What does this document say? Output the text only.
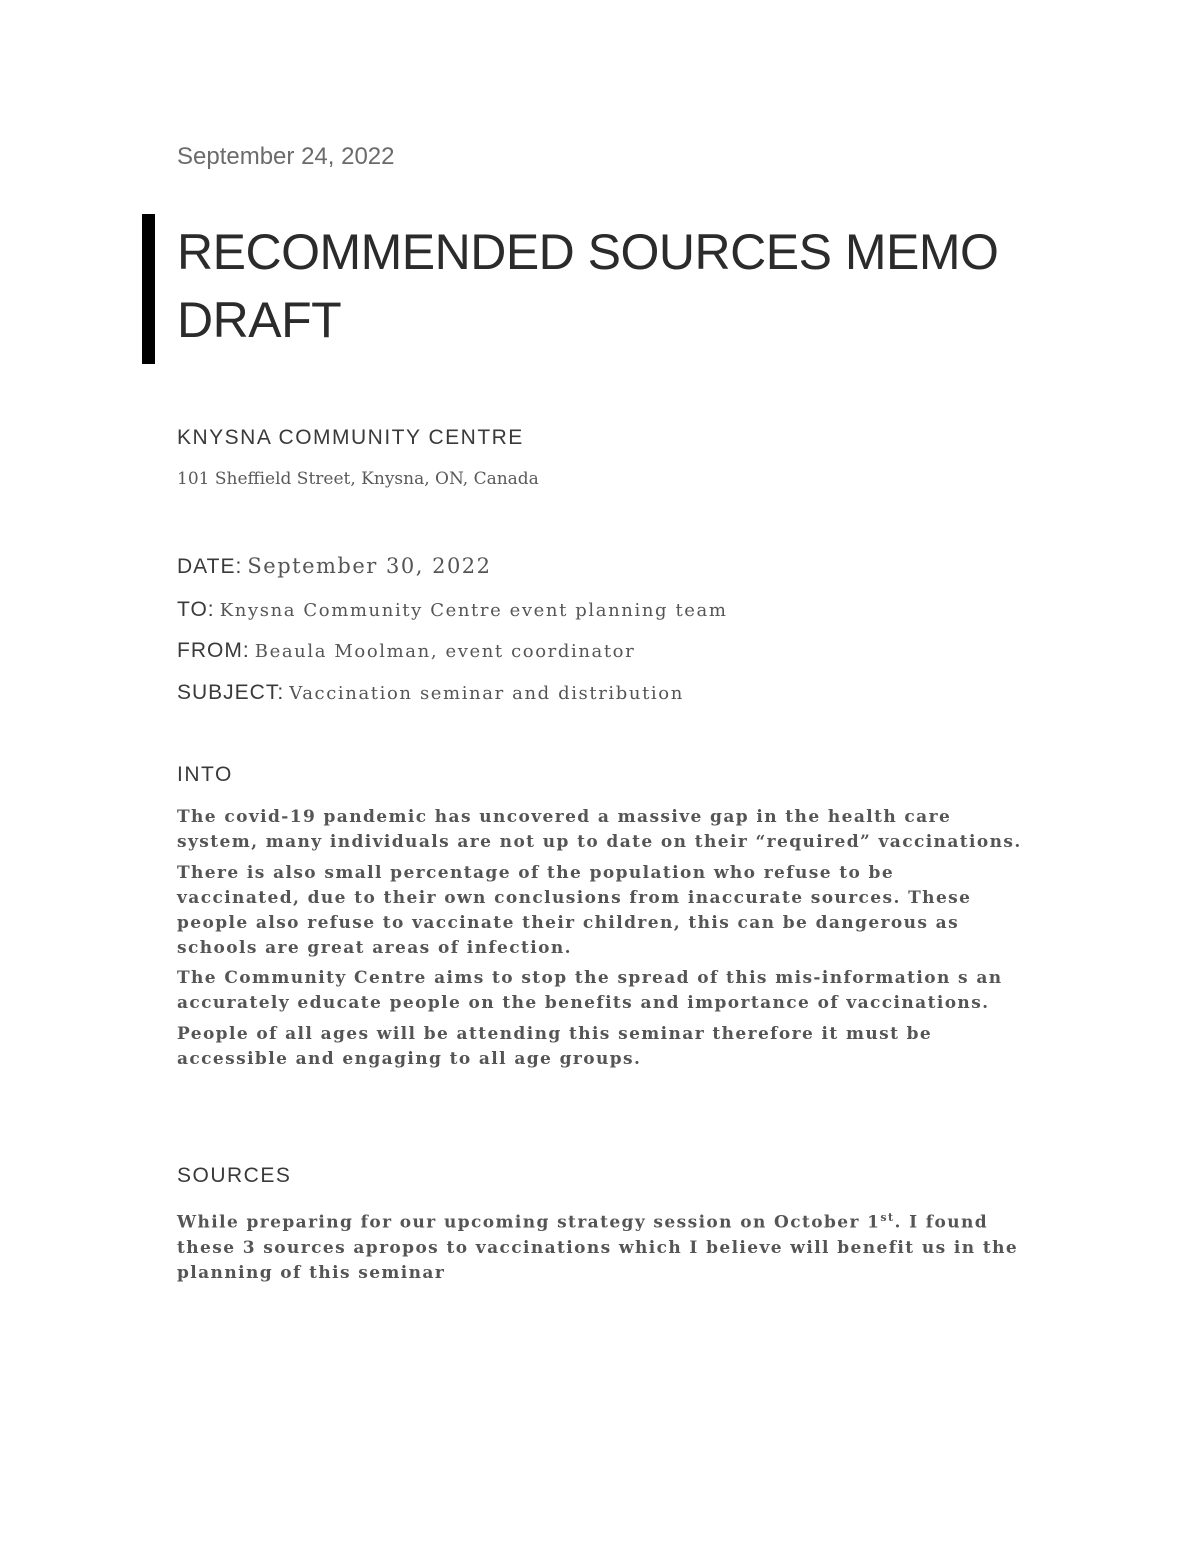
September 24, 2022
RECOMMENDED SOURCES MEMO
DRAFT
KNYSNA COMMUNITY CENTRE
101 Sheffield Street, Knysna, ON, Canada
DATE: September 30, 2022
TO: Knysna Community Centre event planning team
FROM: Beaula Moolman, event coordinator
SUBJECT: Vaccination seminar and distribution
INTO
The covid-19 pandemic has uncovered a massive gap in the health care system, many individuals are not up to date on their “required” vaccinations.
There is also small percentage of the population who refuse to be vaccinated, due to their own conclusions from inaccurate sources. These people also refuse to vaccinate their children, this can be dangerous as schools are great areas of infection.
The Community Centre aims to stop the spread of this mis-information s an accurately educate people on the benefits and importance of vaccinations.
People of all ages will be attending this seminar therefore it must be accessible and engaging to all age groups.
SOURCES
While preparing for our upcoming strategy session on October 1st. I found these 3 sources apropos to vaccinations which I believe will benefit us in the planning of this seminar
